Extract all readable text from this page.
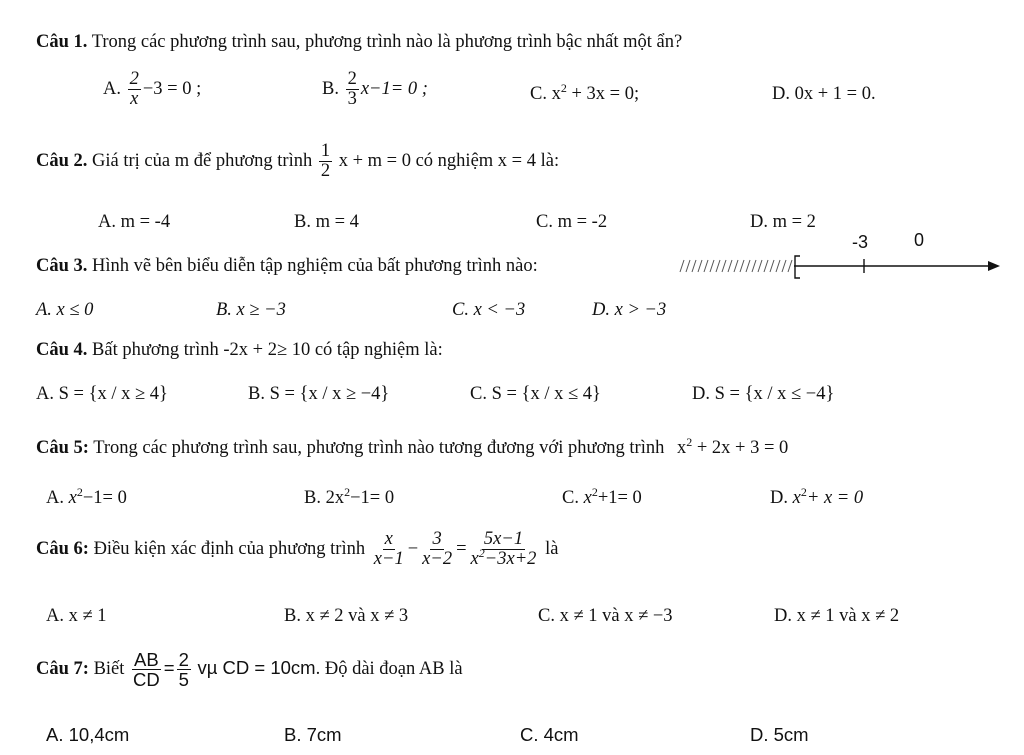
Câu 1. Trong các phương trình sau, phương trình nào là phương trình bậc nhất một ẩn?
A. $\frac{2}{x} -3 = 0$ ;	B. $\frac{2}{3} x-1= 0$ ;	C. $x^2 + 3x = 0$;	D. 0x + 1 = 0.
Câu 2. Giá trị của m để phương trình $\frac{1}{2}$ x + m = 0 có nghiệm x = 4 là:
A. m = -4	B. m = 4	C. m = -2	D. m = 2
Câu 3. Hình vẽ bên biểu diễn tập nghiệm của bất phương trình nào:
-3	0
A. x ≤ 0	B. x ≥ −3	C. x < −3	D. x > −3
Câu 4. Bất phương trình -2x + 2≥ 10 có tập nghiệm là:
A. S = {x / x ≥ 4}	B. S = {x / x ≥ −4}	C. S = {x / x ≤ 4}	D. S = {x / x ≤ −4}
Câu 5: Trong các phương trình sau, phương trình nào tương đương với phương trình $x^2 + 2x + 3 = 0$
A. $x^2-1= 0$	B. $2x^2-1= 0$	C. $x^2+1= 0$	D. $x^2+ x = 0$
Câu 6: Điều kiện xác định của phương trình $\frac{x}{x-1} - \frac{3}{x-2} = \frac{5x-1}{x^2-3x+2}$ là
A. x ≠ 1	B. x ≠ 2 và x ≠ 3	C. x ≠ 1 và x ≠ −3	D. x ≠ 1 và x ≠ 2
Câu 7: Biết $\frac{AB}{CD} = \frac{2}{5}$ vµ CD = 10cm. Độ dài đoạn AB là
A. 10,4cm	B. 7cm	C. 4cm	D. 5cm
